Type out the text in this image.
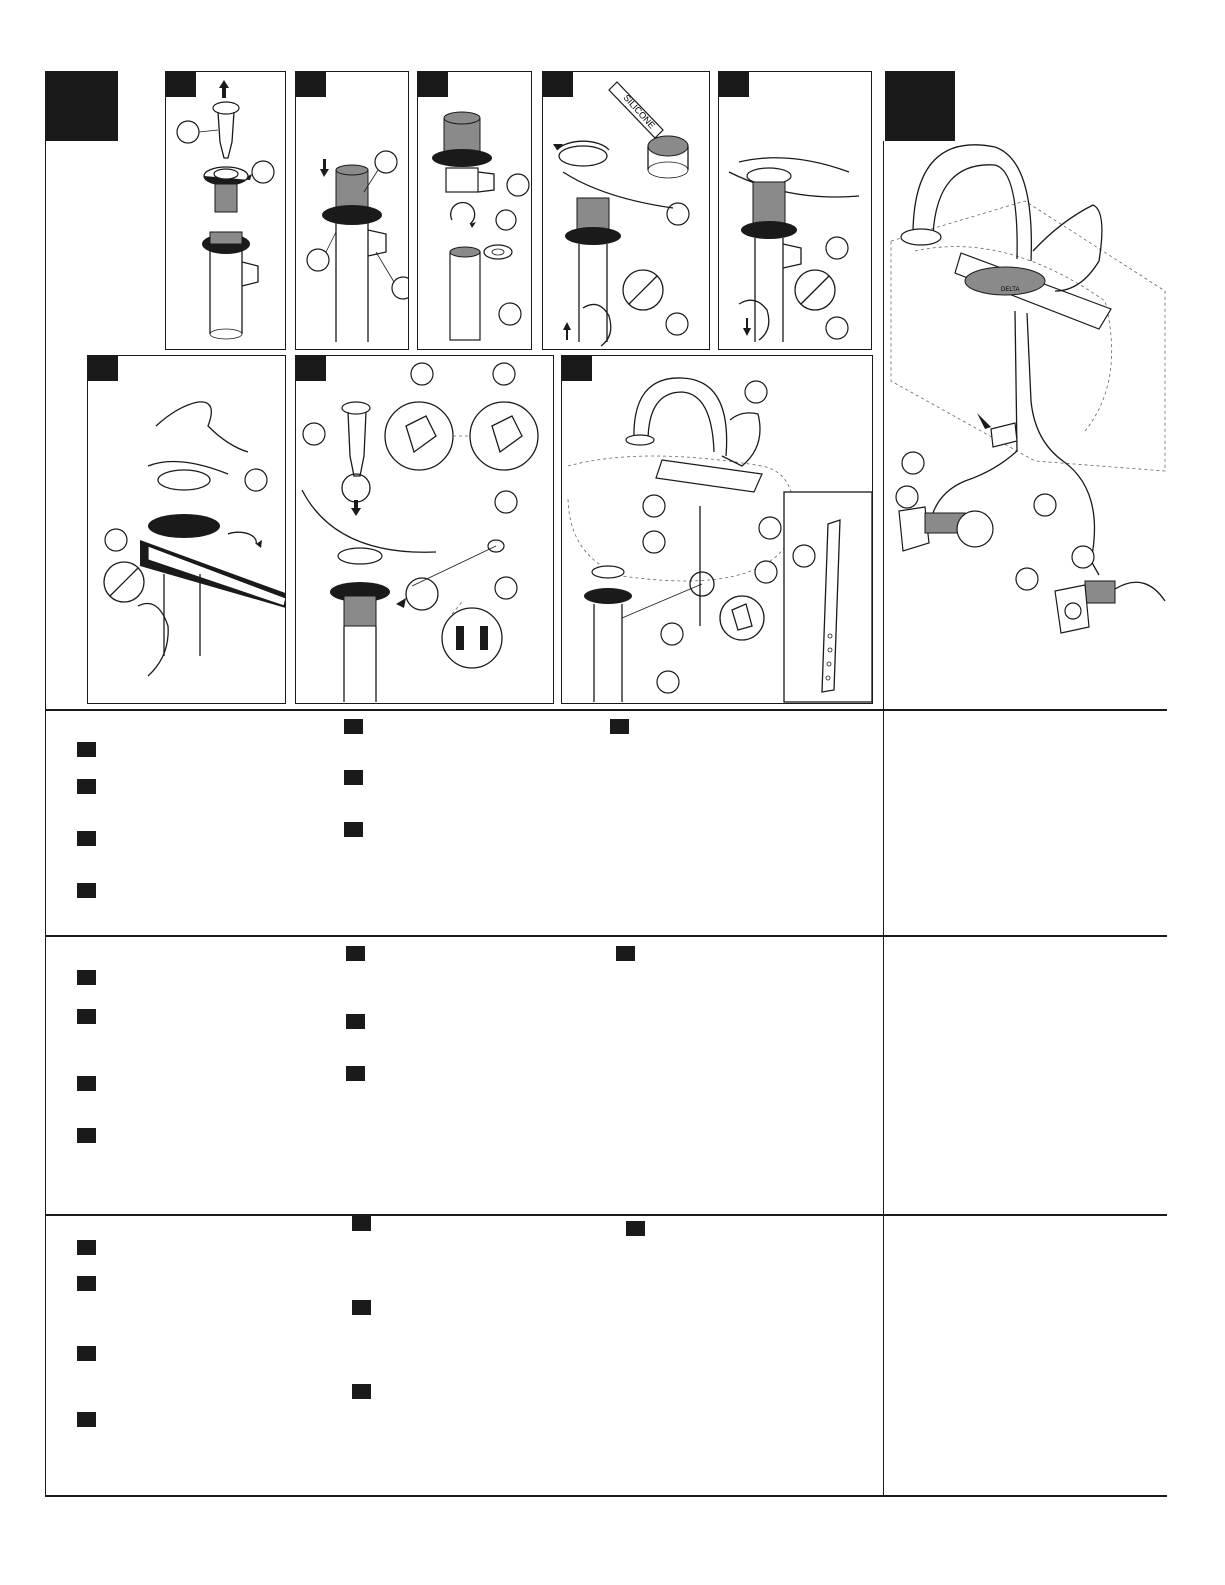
SILICONE
DELTA
